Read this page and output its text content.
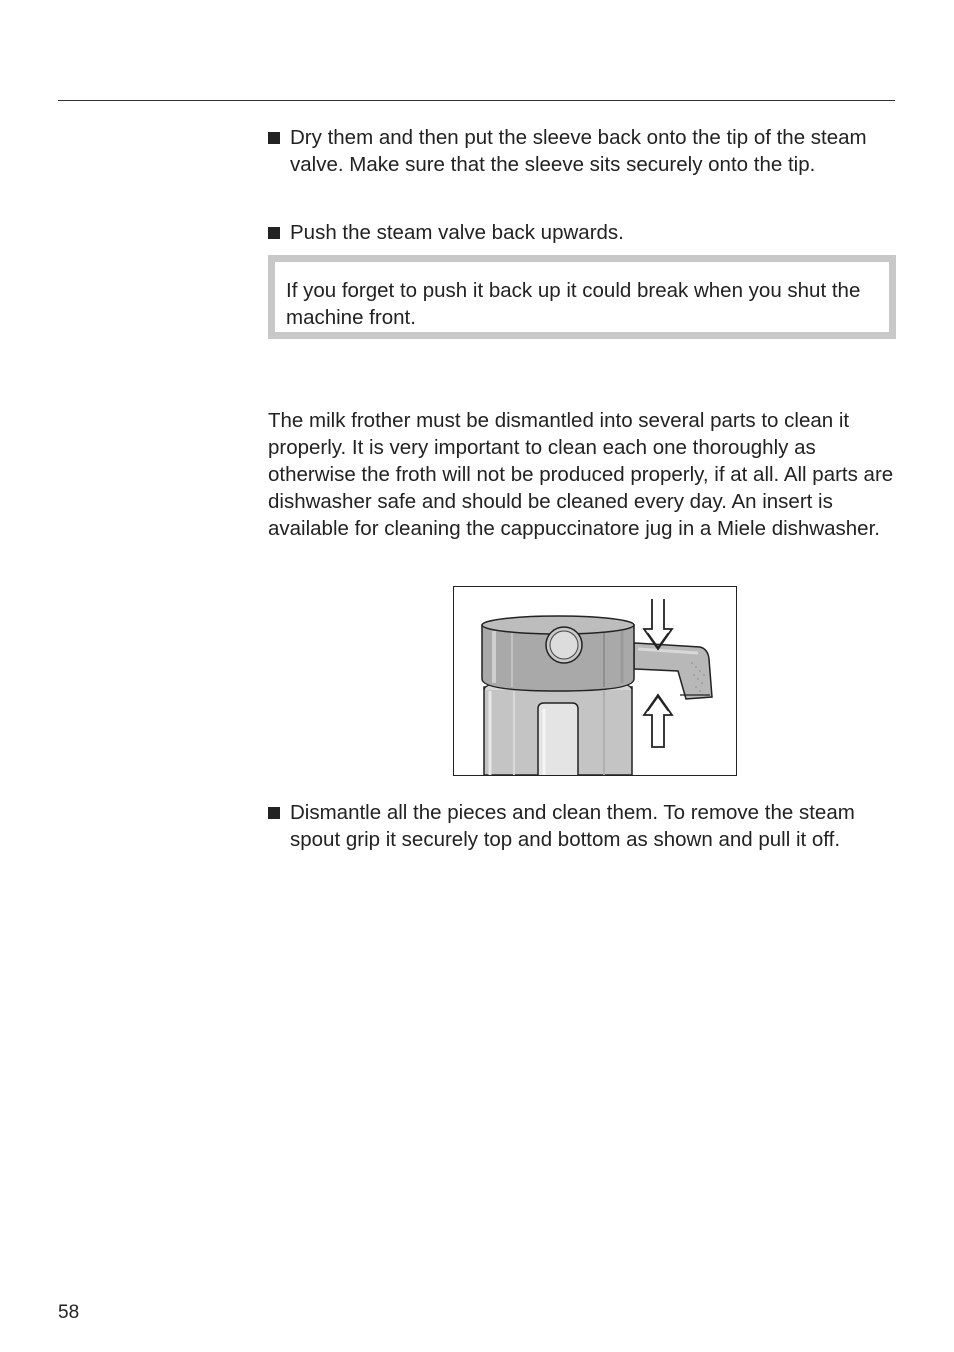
Dry them and then put the sleeve back onto the tip of the steam valve. Make sure that the sleeve sits securely onto the tip.
Push the steam valve back upwards.
If you forget to push it back up it could break when you shut the machine front.
The milk frother must be dismantled into several parts to clean it properly. It is very important to clean each one thoroughly as otherwise the froth will not be produced properly, if at all. All parts are dishwasher safe and should be cleaned every day. An insert is available for cleaning the cappuccinatore jug in a Miele dishwasher.
Dismantle all the pieces and clean them. To remove the steam spout grip it securely top and bottom as shown and pull it off.
58
